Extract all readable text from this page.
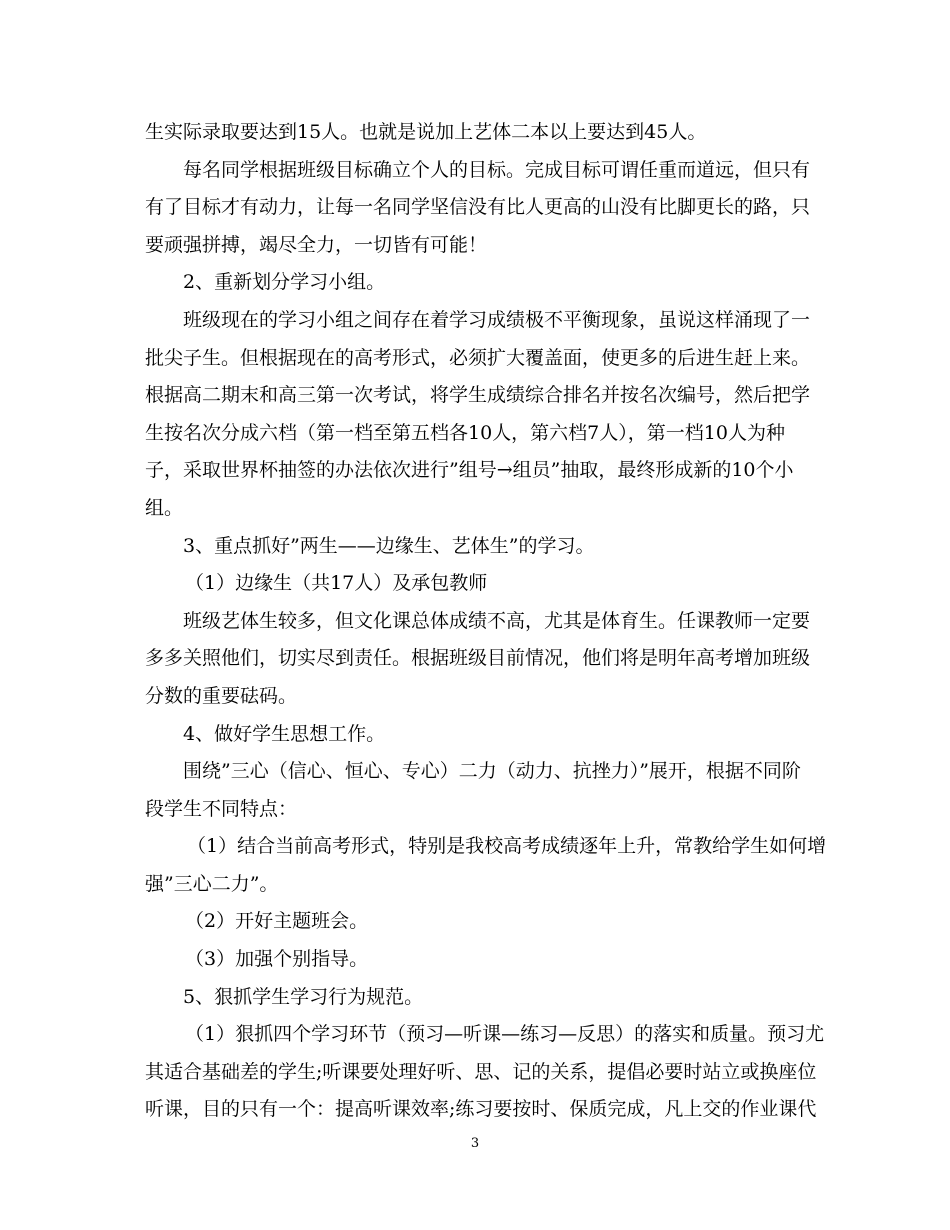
生实际录取要达到15人。也就是说加上艺体二本以上要达到45人。
每名同学根据班级目标确立个人的目标。完成目标可谓任重而道远，但只有
有了目标才有动力，让每一名同学坚信没有比人更高的山没有比脚更长的路，只
要顽强拼搏，竭尽全力，一切皆有可能！
2、重新划分学习小组。
班级现在的学习小组之间存在着学习成绩极不平衡现象，虽说这样涌现了一
批尖子生。但根据现在的高考形式，必须扩大覆盖面，使更多的后进生赶上来。
根据高二期末和高三第一次考试，将学生成绩综合排名并按名次编号，然后把学
生按名次分成六档（第一档至第五档各10人，第六档7人），第一档10人为种
子，采取世界杯抽签的办法依次进行”组号→组员”抽取，最终形成新的10个小
组。
3、重点抓好”两生——边缘生、艺体生”的学习。
（1）边缘生（共17人）及承包教师
班级艺体生较多，但文化课总体成绩不高，尤其是体育生。任课教师一定要
多多关照他们，切实尽到责任。根据班级目前情况，他们将是明年高考增加班级
分数的重要砝码。
4、做好学生思想工作。
围绕”三心（信心、恒心、专心）二力（动力、抗挫力）”展开，根据不同阶
段学生不同特点：
（1）结合当前高考形式，特别是我校高考成绩逐年上升，常教给学生如何增
强”三心二力”。
（2）开好主题班会。
（3）加强个别指导。
5、狠抓学生学习行为规范。
（1）狠抓四个学习环节（预习—听课—练习—反思）的落实和质量。预习尤
其适合基础差的学生;听课要处理好听、思、记的关系，提倡必要时站立或换座位
听课，目的只有一个：提高听课效率;练习要按时、保质完成，凡上交的作业课代
3
